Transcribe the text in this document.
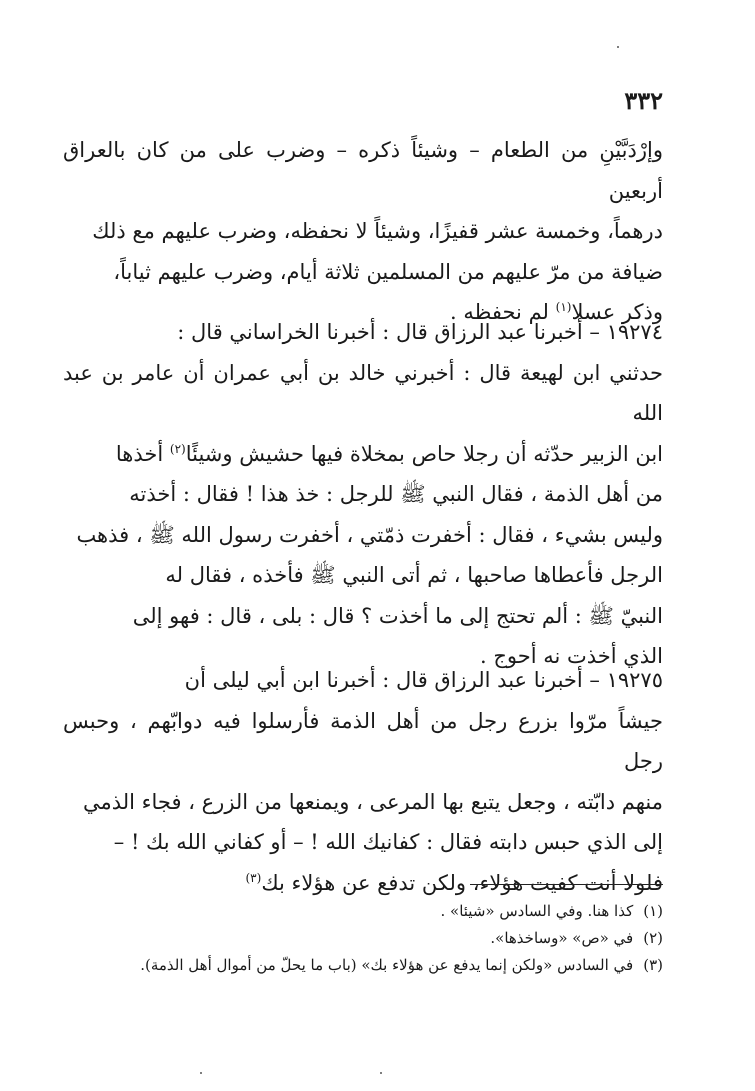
٣٣٢

وإرْدَبَّيْنِ من الطعام – وشيئاً ذكره – وضرب على من كان بالعراق أربعين

درهماً، وخمسة عشر قفيزًا، وشيئاً لا نحفظه، وضرب عليهم مع ذلك

ضيافة من مرّ عليهم من المسلمين ثلاثة أيام، وضرب عليهم ثياباً،

وذكر عسلا$^{(١)}$ لم نحفظه .

١٩٢٧٤ – أخبرنا عبد الرزاق قال : أخبرنا الخراساني قال :

حدثني ابن لهيعة قال : أخبرني خالد بن أبي عمران أن عامر بن عبد الله

ابن الزبير حدّثه أن رجلا حاص بمخلاة فيها حشيش وشيئًا$^{(٢)}$ أخذها

من أهل الذمة ، فقال النبي ﷺ للرجل : خذ هذا ! فقال : أخذته

وليس بشيء ، فقال : أخفرت ذمّتي ، أخفرت رسول الله ﷺ ، فذهب

الرجل فأعطاها صاحبها ، ثم أتى النبي ﷺ فأخذه ، فقال له

النبيّ ﷺ : ألم تحتج إلى ما أخذت ؟ قال : بلى ، قال : فهو إلى

الذي أخذت نه أحوج .

١٩٢٧٥ – أخبرنا عبد الرزاق قال : أخبرنا ابن أبي ليلى أن

جيشاً مرّوا بزرع رجل من أهل الذمة فأرسلوا فيه دوابّهم ، وحبس رجل

منهم دابّته ، وجعل يتبع بها المرعى ، ويمنعها من الزرع ، فجاء الذمي

إلى الذي حبس دابته فقال : كفانيك الله ! – أو كفاني الله بك ! –

فلولا أنت كفيت هؤلاء، ولكن تدفع عن هؤلاء بك$^{(٣)}$

(١)كذا هنا. وفي السادس «شيئا» .

(٢)في «ص» «وساخذها».

(٣)في السادس «ولكن إنما يدفع عن هؤلاء بك» (باب ما يحلّ من أموال أهل الذمة).
